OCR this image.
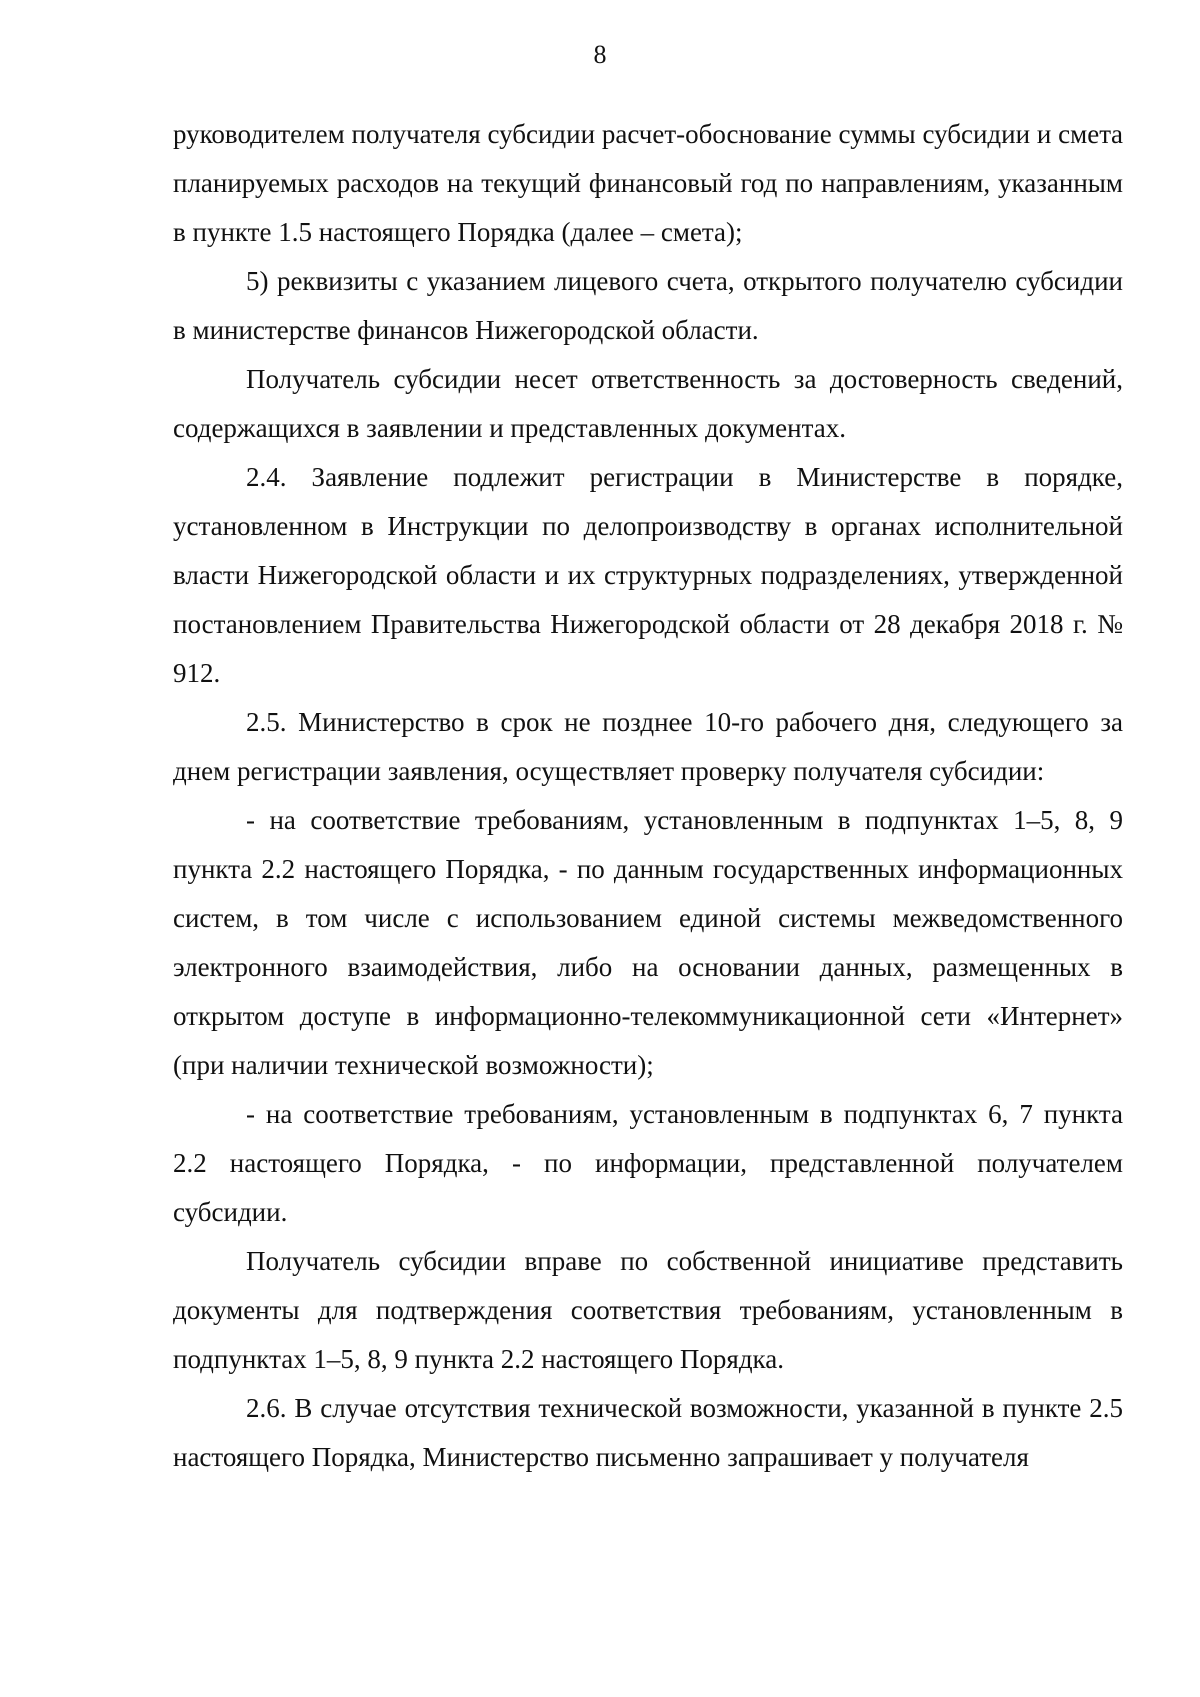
8

руководителем получателя субсидии расчет-обоснование суммы субсидии и сметa планируемых расходов на текущий финансовый год по направлениям, указанным в пункте 1.5 настоящего Порядка (далее – смета);

5) реквизиты с указанием лицевого счета, открытого получателю субсидии в министерстве финансов Нижегородской области.

Получатель субсидии несет ответственность за достоверность сведений, содержащихся в заявлении и представленных документах.

2.4. Заявление подлежит регистрации в Министерстве в порядке, установленном в Инструкции по делопроизводству в органах исполнительной власти Нижегородской области и их структурных подразделениях, утвержденной постановлением Правительства Нижегородской области от 28 декабря 2018 г. № 912.

2.5. Министерство в срок не позднее 10-го рабочего дня, следующего за днем регистрации заявления, осуществляет проверку получателя субсидии:

- на соответствие требованиям, установленным в подпунктах 1–5, 8, 9 пункта 2.2 настоящего Порядка, - по данным государственных информационных систем, в том числе с использованием единой системы межведомственного электронного взаимодействия, либо на основании данных, размещенных в открытом доступе в информационно-телекоммуникационной сети «Интернет» (при наличии технической возможности);

- на соответствие требованиям, установленным в подпунктах 6, 7 пункта 2.2 настоящего Порядка, - по информации, представленной получателем субсидии.

Получатель субсидии вправе по собственной инициативе представить документы для подтверждения соответствия требованиям, установленным в подпунктах 1–5, 8, 9 пункта 2.2 настоящего Порядка.

2.6. В случае отсутствия технической возможности, указанной в пункте 2.5 настоящего Порядка, Министерство письменно запрашивает у получателя
